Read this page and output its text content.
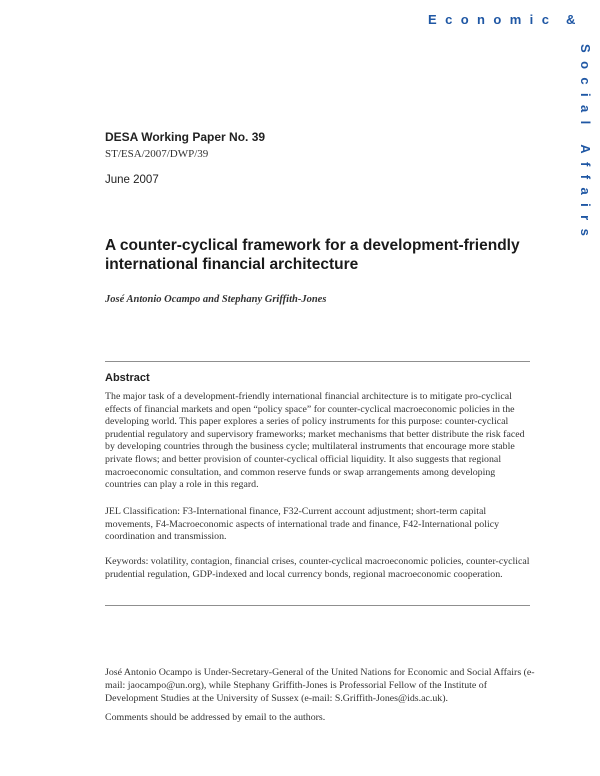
Economic &
Social Affairs
DESA Working Paper No. 39
ST/ESA/2007/DWP/39
June 2007
A counter-cyclical framework for a development-friendly international financial architecture
José Antonio Ocampo and Stephany Griffith-Jones
Abstract

The major task of a development-friendly international financial architecture is to mitigate pro-cyclical effects of financial markets and open “policy space” for counter-cyclical macroeconomic policies in the developing world. This paper explores a series of policy instruments for this purpose: counter-cyclical prudential regulatory and supervisory frameworks; market mechanisms that better distribute the risk faced by developing countries through the business cycle; multilateral instruments that encourage more stable private flows; and better provision of counter-cyclical official liquidity. It also suggests that regional macroeconomic consultation, and common reserve funds or swap arrangements among developing countries can play a role in this regard.

JEL Classification: F3-International finance, F32-Current account adjustment; short-term capital movements, F4-Macroeconomic aspects of international trade and finance, F42-International policy coordination and transmission.

Keywords: volatility, contagion, financial crises, counter-cyclical macroeconomic policies, counter-cyclical prudential regulation, GDP-indexed and local currency bonds, regional macroeconomic cooperation.

José Antonio Ocampo is Under-Secretary-General of the United Nations for Economic and Social Affairs (e-mail: jaocampo@un.org), while Stephany Griffith-Jones is Professorial Fellow of the Institute of Development Studies at the University of Sussex (e-mail: S.Griffith-Jones@ids.ac.uk).

Comments should be addressed by email to the authors.
